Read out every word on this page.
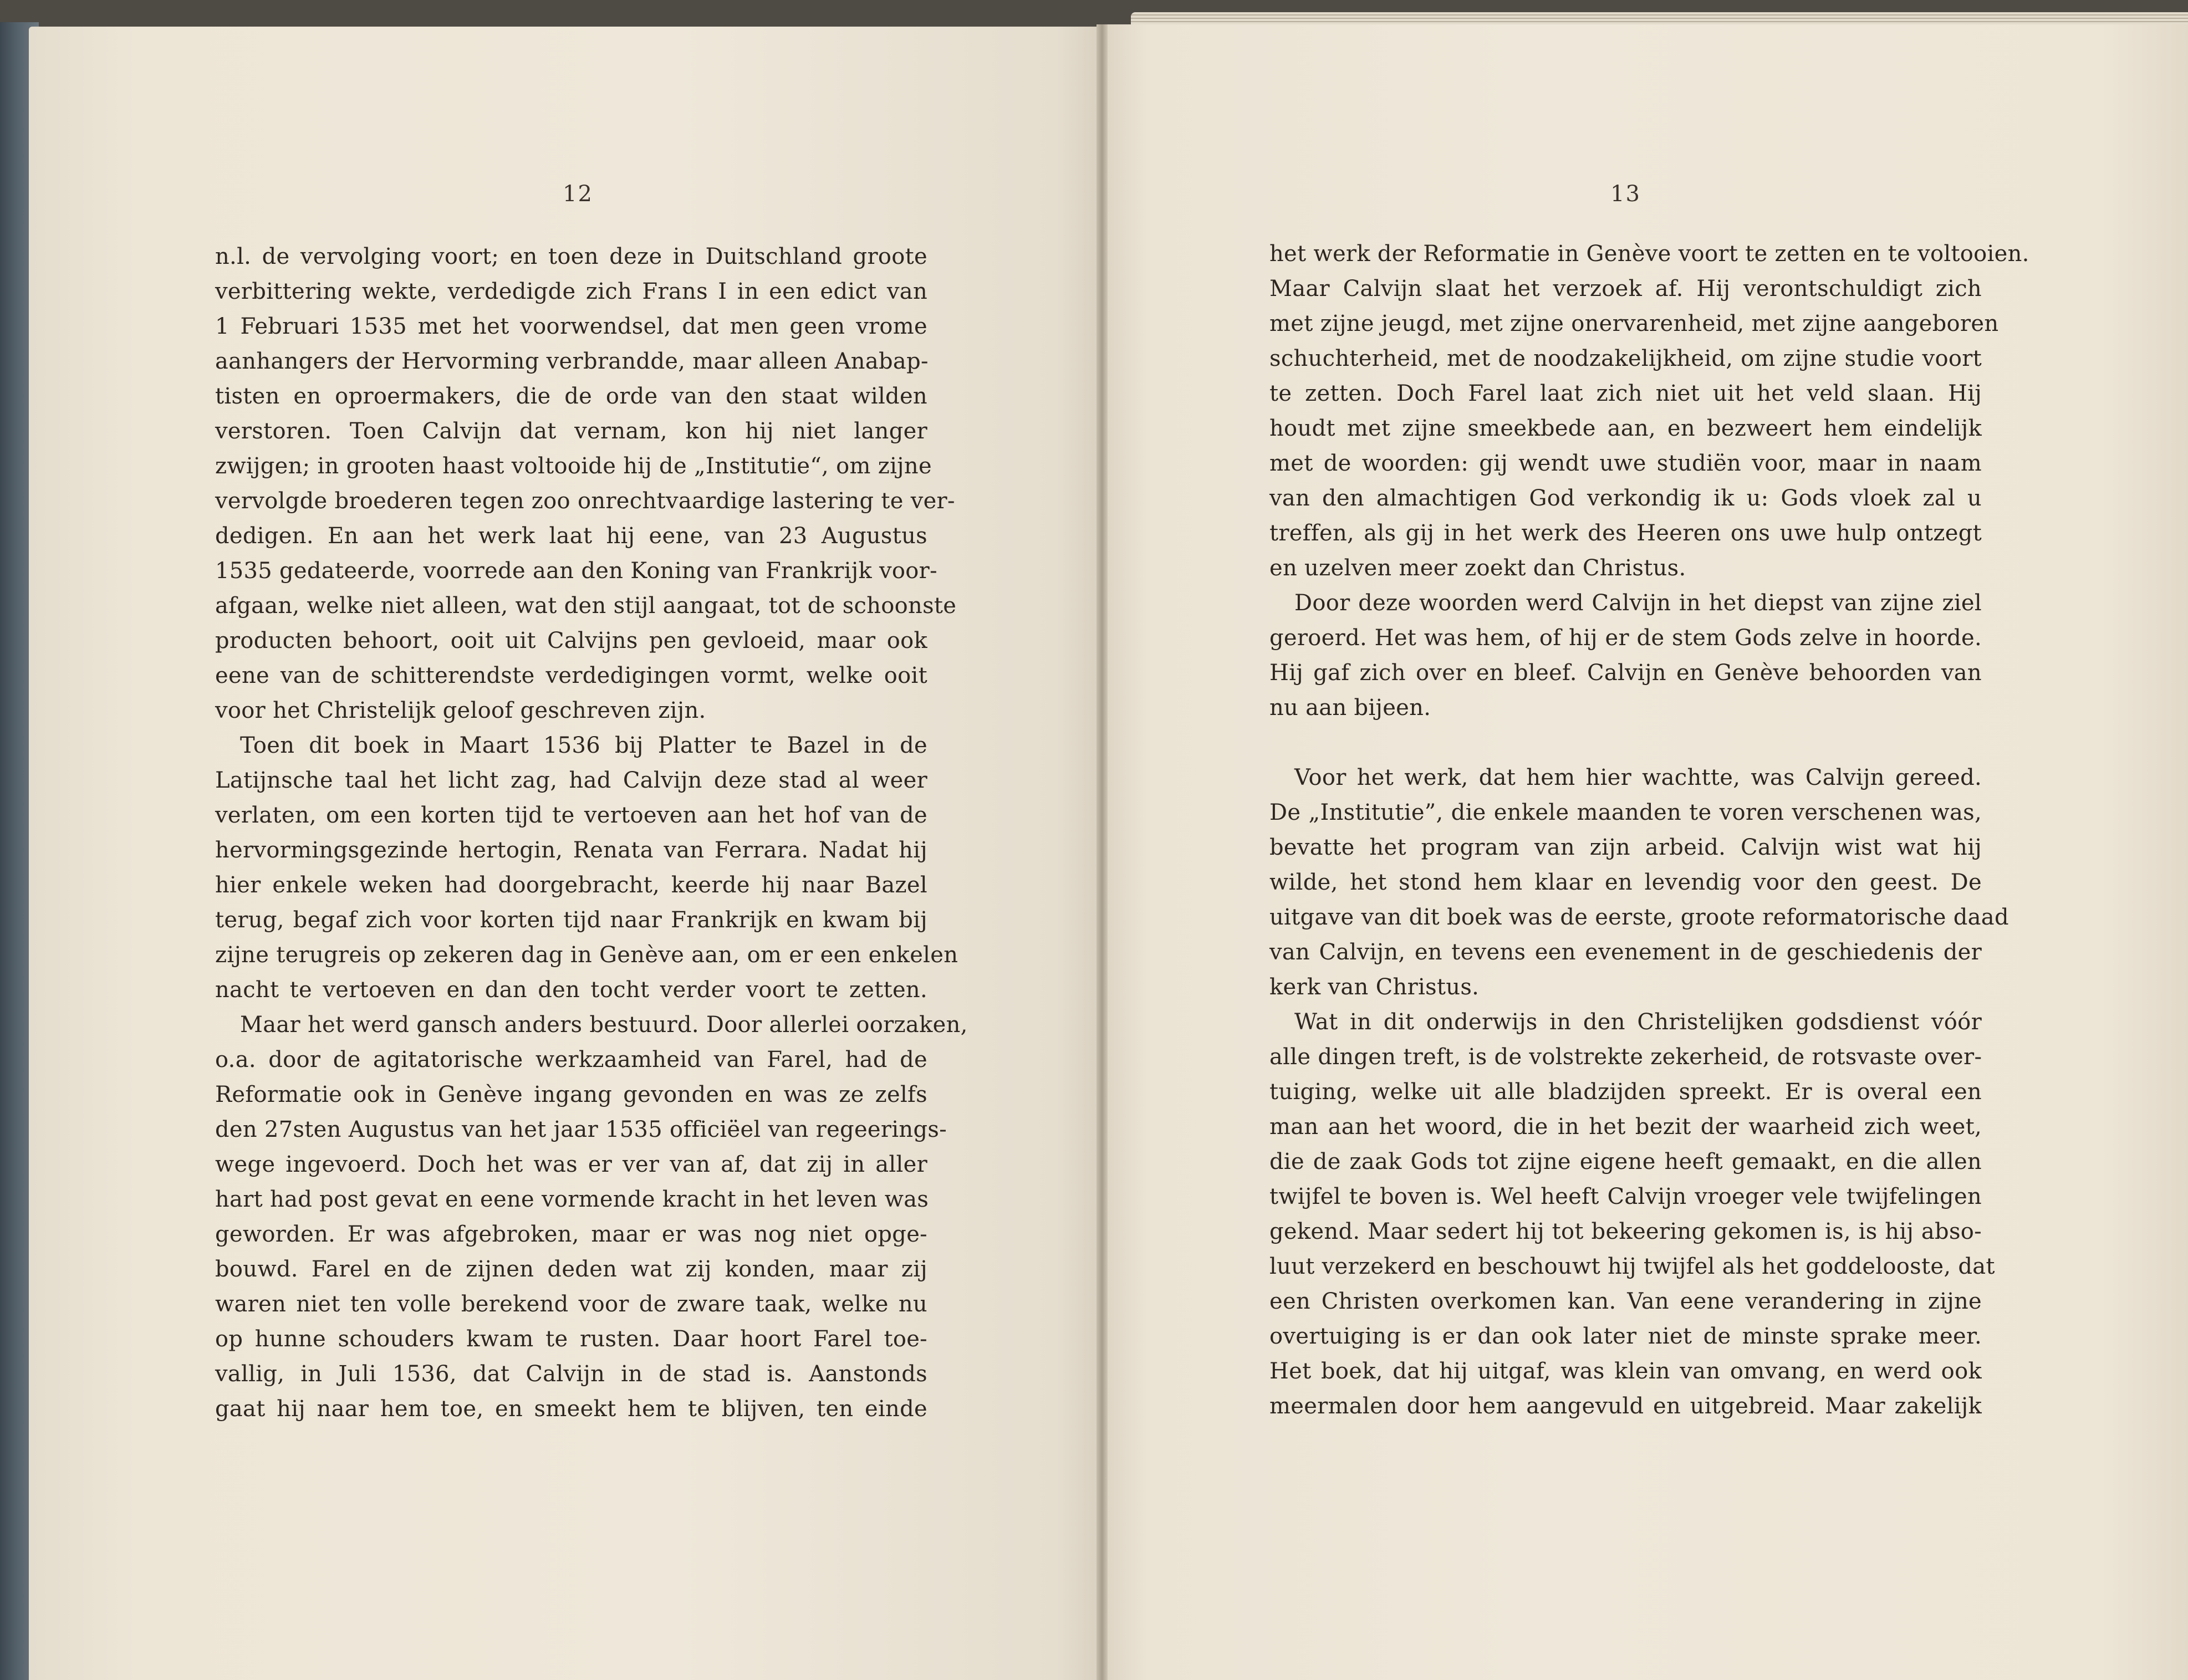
12	13
n.l. de vervolging voort; en toen deze in Duitschland groote
verbittering wekte, verdedigde zich Frans I in een edict van
1 Februari 1535 met het voorwendsel, dat men geen vrome
aanhangers der Hervorming verbrandde, maar alleen Anabap-
tisten en oproermakers, die de orde van den staat wilden
verstoren. Toen Calvijn dat vernam, kon hij niet langer
zwijgen; in grooten haast voltooide hij de „Institutie“, om zijne
vervolgde broederen tegen zoo onrechtvaardige lastering te ver-
dedigen. En aan het werk laat hij eene, van 23 Augustus
1535 gedateerde, voorrede aan den Koning van Frankrijk voor-
afgaan, welke niet alleen, wat den stijl aangaat, tot de schoonste
producten behoort, ooit uit Calvijns pen gevloeid, maar ook
eene van de schitterendste verdedigingen vormt, welke ooit
voor het Christelijk geloof geschreven zijn.
Toen dit boek in Maart 1536 bij Platter te Bazel in de
Latijnsche taal het licht zag, had Calvijn deze stad al weer
verlaten, om een korten tijd te vertoeven aan het hof van de
hervormingsgezinde hertogin, Renata van Ferrara. Nadat hij
hier enkele weken had doorgebracht, keerde hij naar Bazel
terug, begaf zich voor korten tijd naar Frankrijk en kwam bij
zijne terugreis op zekeren dag in Genève aan, om er een enkelen
nacht te vertoeven en dan den tocht verder voort te zetten.
Maar het werd gansch anders bestuurd. Door allerlei oorzaken,
o.a. door de agitatorische werkzaamheid van Farel, had de
Reformatie ook in Genève ingang gevonden en was ze zelfs
den 27sten Augustus van het jaar 1535 officiëel van regeerings-
wege ingevoerd. Doch het was er ver van af, dat zij in aller
hart had post gevat en eene vormende kracht in het leven was
geworden. Er was afgebroken, maar er was nog niet opge-
bouwd. Farel en de zijnen deden wat zij konden, maar zij
waren niet ten volle berekend voor de zware taak, welke nu
op hunne schouders kwam te rusten. Daar hoort Farel toe-
vallig, in Juli 1536, dat Calvijn in de stad is. Aanstonds
gaat hij naar hem toe, en smeekt hem te blijven, ten einde
het werk der Reformatie in Genève voort te zetten en te voltooien.
Maar Calvijn slaat het verzoek af. Hij verontschuldigt zich
met zijne jeugd, met zijne onervarenheid, met zijne aangeboren
schuchterheid, met de noodzakelijkheid, om zijne studie voort
te zetten. Doch Farel laat zich niet uit het veld slaan. Hij
houdt met zijne smeekbede aan, en bezweert hem eindelijk
met de woorden: gij wendt uwe studiën voor, maar in naam
van den almachtigen God verkondig ik u: Gods vloek zal u
treffen, als gij in het werk des Heeren ons uwe hulp ontzegt
en uzelven meer zoekt dan Christus.
Door deze woorden werd Calvijn in het diepst van zijne ziel
geroerd. Het was hem, of hij er de stem Gods zelve in hoorde.
Hij gaf zich over en bleef. Calvijn en Genève behoorden van
nu aan bijeen.
Voor het werk, dat hem hier wachtte, was Calvijn gereed.
De „Institutie”, die enkele maanden te voren verschenen was,
bevatte het program van zijn arbeid. Calvijn wist wat hij
wilde, het stond hem klaar en levendig voor den geest. De
uitgave van dit boek was de eerste, groote reformatorische daad
van Calvijn, en tevens een evenement in de geschiedenis der
kerk van Christus.
Wat in dit onderwijs in den Christelijken godsdienst vóór
alle dingen treft, is de volstrekte zekerheid, de rotsvaste over-
tuiging, welke uit alle bladzijden spreekt. Er is overal een
man aan het woord, die in het bezit der waarheid zich weet,
die de zaak Gods tot zijne eigene heeft gemaakt, en die allen
twijfel te boven is. Wel heeft Calvijn vroeger vele twijfelingen
gekend. Maar sedert hij tot bekeering gekomen is, is hij abso-
luut verzekerd en beschouwt hij twijfel als het goddelooste, dat
een Christen overkomen kan. Van eene verandering in zijne
overtuiging is er dan ook later niet de minste sprake meer.
Het boek, dat hij uitgaf, was klein van omvang, en werd ook
meermalen door hem aangevuld en uitgebreid. Maar zakelijk
